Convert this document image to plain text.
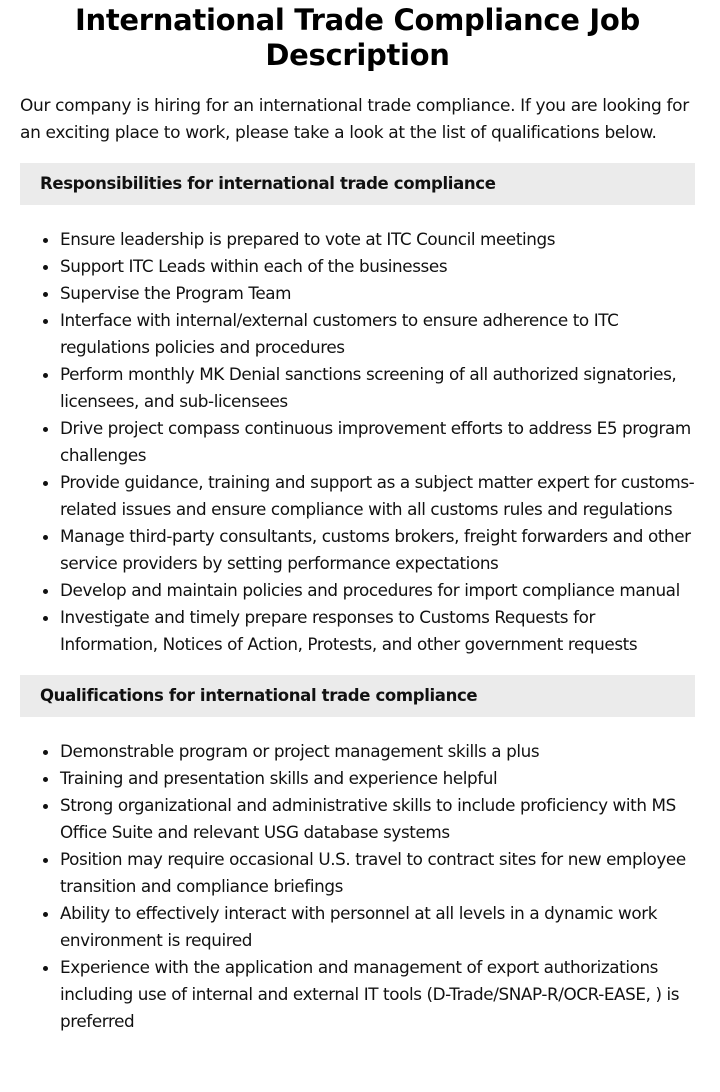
International Trade Compliance Job Description

Our company is hiring for an international trade compliance. If you are looking for an exciting place to work, please take a look at the list of qualifications below.

Responsibilities for international trade compliance
Ensure leadership is prepared to vote at ITC Council meetings
Support ITC Leads within each of the businesses
Supervise the Program Team
Interface with internal/external customers to ensure adherence to ITC regulations policies and procedures
Perform monthly MK Denial sanctions screening of all authorized signatories, licensees, and sub-licensees
Drive project compass continuous improvement efforts to address E5 program challenges
Provide guidance, training and support as a subject matter expert for customs-related issues and ensure compliance with all customs rules and regulations
Manage third-party consultants, customs brokers, freight forwarders and other service providers by setting performance expectations
Develop and maintain policies and procedures for import compliance manual
Investigate and timely prepare responses to Customs Requests for Information, Notices of Action, Protests, and other government requests
Qualifications for international trade compliance
Demonstrable program or project management skills a plus
Training and presentation skills and experience helpful
Strong organizational and administrative skills to include proficiency with MS Office Suite and relevant USG database systems
Position may require occasional U.S. travel to contract sites for new employee transition and compliance briefings
Ability to effectively interact with personnel at all levels in a dynamic work environment is required
Experience with the application and management of export authorizations including use of internal and external IT tools (D-Trade/SNAP-R/OCR-EASE, ) is preferred
